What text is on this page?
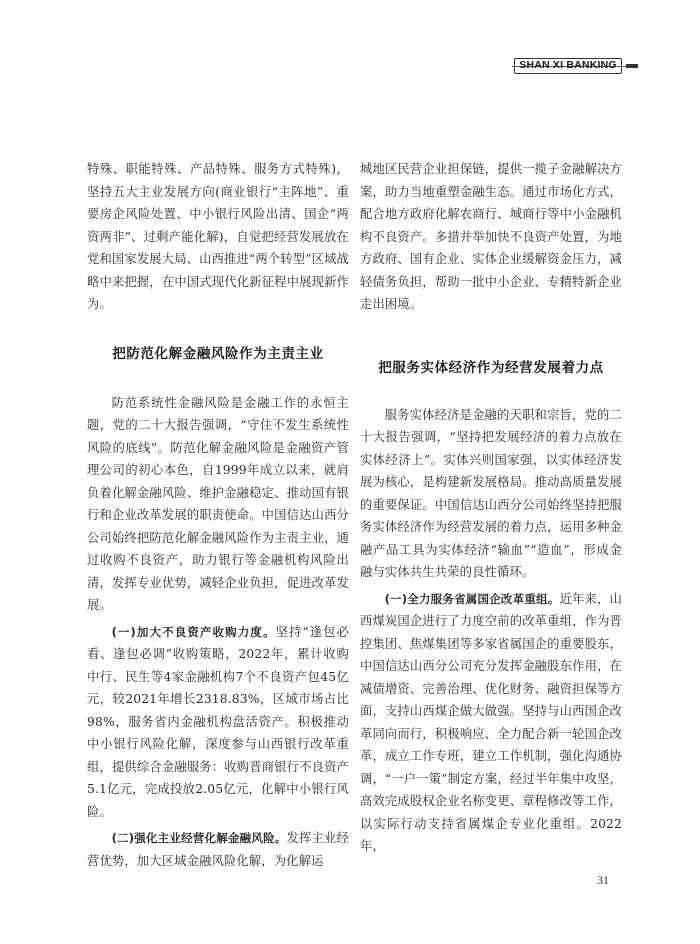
SHAN XI BANKING

特殊、职能特殊、产品特殊、服务方式特殊)，坚持五大主业发展方向(商业银行“主阵地”、重要房企风险处置、中小银行风险出清、国企“两资两非”、过剩产能化解)，自觉把经营发展放在党和国家发展大局、山西推进“两个转型”区域战略中来把握，在中国式现代化新征程中展现新作为。

把防范化解金融风险作为主责主业

防范系统性金融风险是金融工作的永恒主题，党的二十大报告强调，“守住不发生系统性风险的底线”。防范化解金融风险是金融资产管理公司的初心本色，自1999年成立以来，就肩负着化解金融风险、维护金融稳定、推动国有银行和企业改革发展的职责使命。中国信达山西分公司始终把防范化解金融风险作为主责主业，通过收购不良资产，助力银行等金融机构风险出清，发挥专业优势，减轻企业负担，促进改革发展。

(一)加大不良资产收购力度。坚持“逢包必看、逢包必调”收购策略，2022年，累计收购中行、民生等4家金融机构7个不良资产包45亿元，较2021年增长2318.83%，区域市场占比98%，服务省内金融机构盘活资产。积极推动中小银行风险化解，深度参与山西银行改革重组，提供综合金融服务：收购晋商银行不良资产5.1亿元，完成投放2.05亿元，化解中小银行风险。

(二)强化主业经营化解金融风险。发挥主业经营优势，加大区域金融风险化解，为化解运

城地区民营企业担保链，提供一揽子金融解决方案，助力当地重塑金融生态。通过市场化方式，配合地方政府化解农商行、城商行等中小金融机构不良资产。多措并举加快不良资产处置，为地方政府、国有企业、实体企业缓解资金压力，减轻债务负担，帮助一批中小企业、专精特新企业走出困境。

把服务实体经济作为经营发展着力点

服务实体经济是金融的天职和宗旨，党的二十大报告强调，“坚持把发展经济的着力点放在实体经济上”。实体兴则国家强，以实体经济发展为核心，是构建新发展格局。推动高质量发展的重要保证。中国信达山西分公司始终坚持把服务实体经济作为经营发展的着力点，运用多种金融产品工具为实体经济“输血”“造血”，形成金融与实体共生共荣的良性循环。

(一)全力服务省属国企改革重组。近年来，山西煤炭国企进行了力度空前的改革重组，作为晋控集团、焦煤集团等多家省属国企的重要股东，中国信达山西分公司充分发挥金融股东作用，在减债增资、完善治理、优化财务、融资担保等方面，支持山西煤企做大做强。坚持与山西国企改革同向而行，积极响应、全力配合新一轮国企改革，成立工作专班，建立工作机制，强化沟通协调，“一户一策”制定方案，经过半年集中攻坚，高效完成股权企业名称变更、章程修改等工作，以实际行动支持省属煤企专业化重组。2022年，

31
